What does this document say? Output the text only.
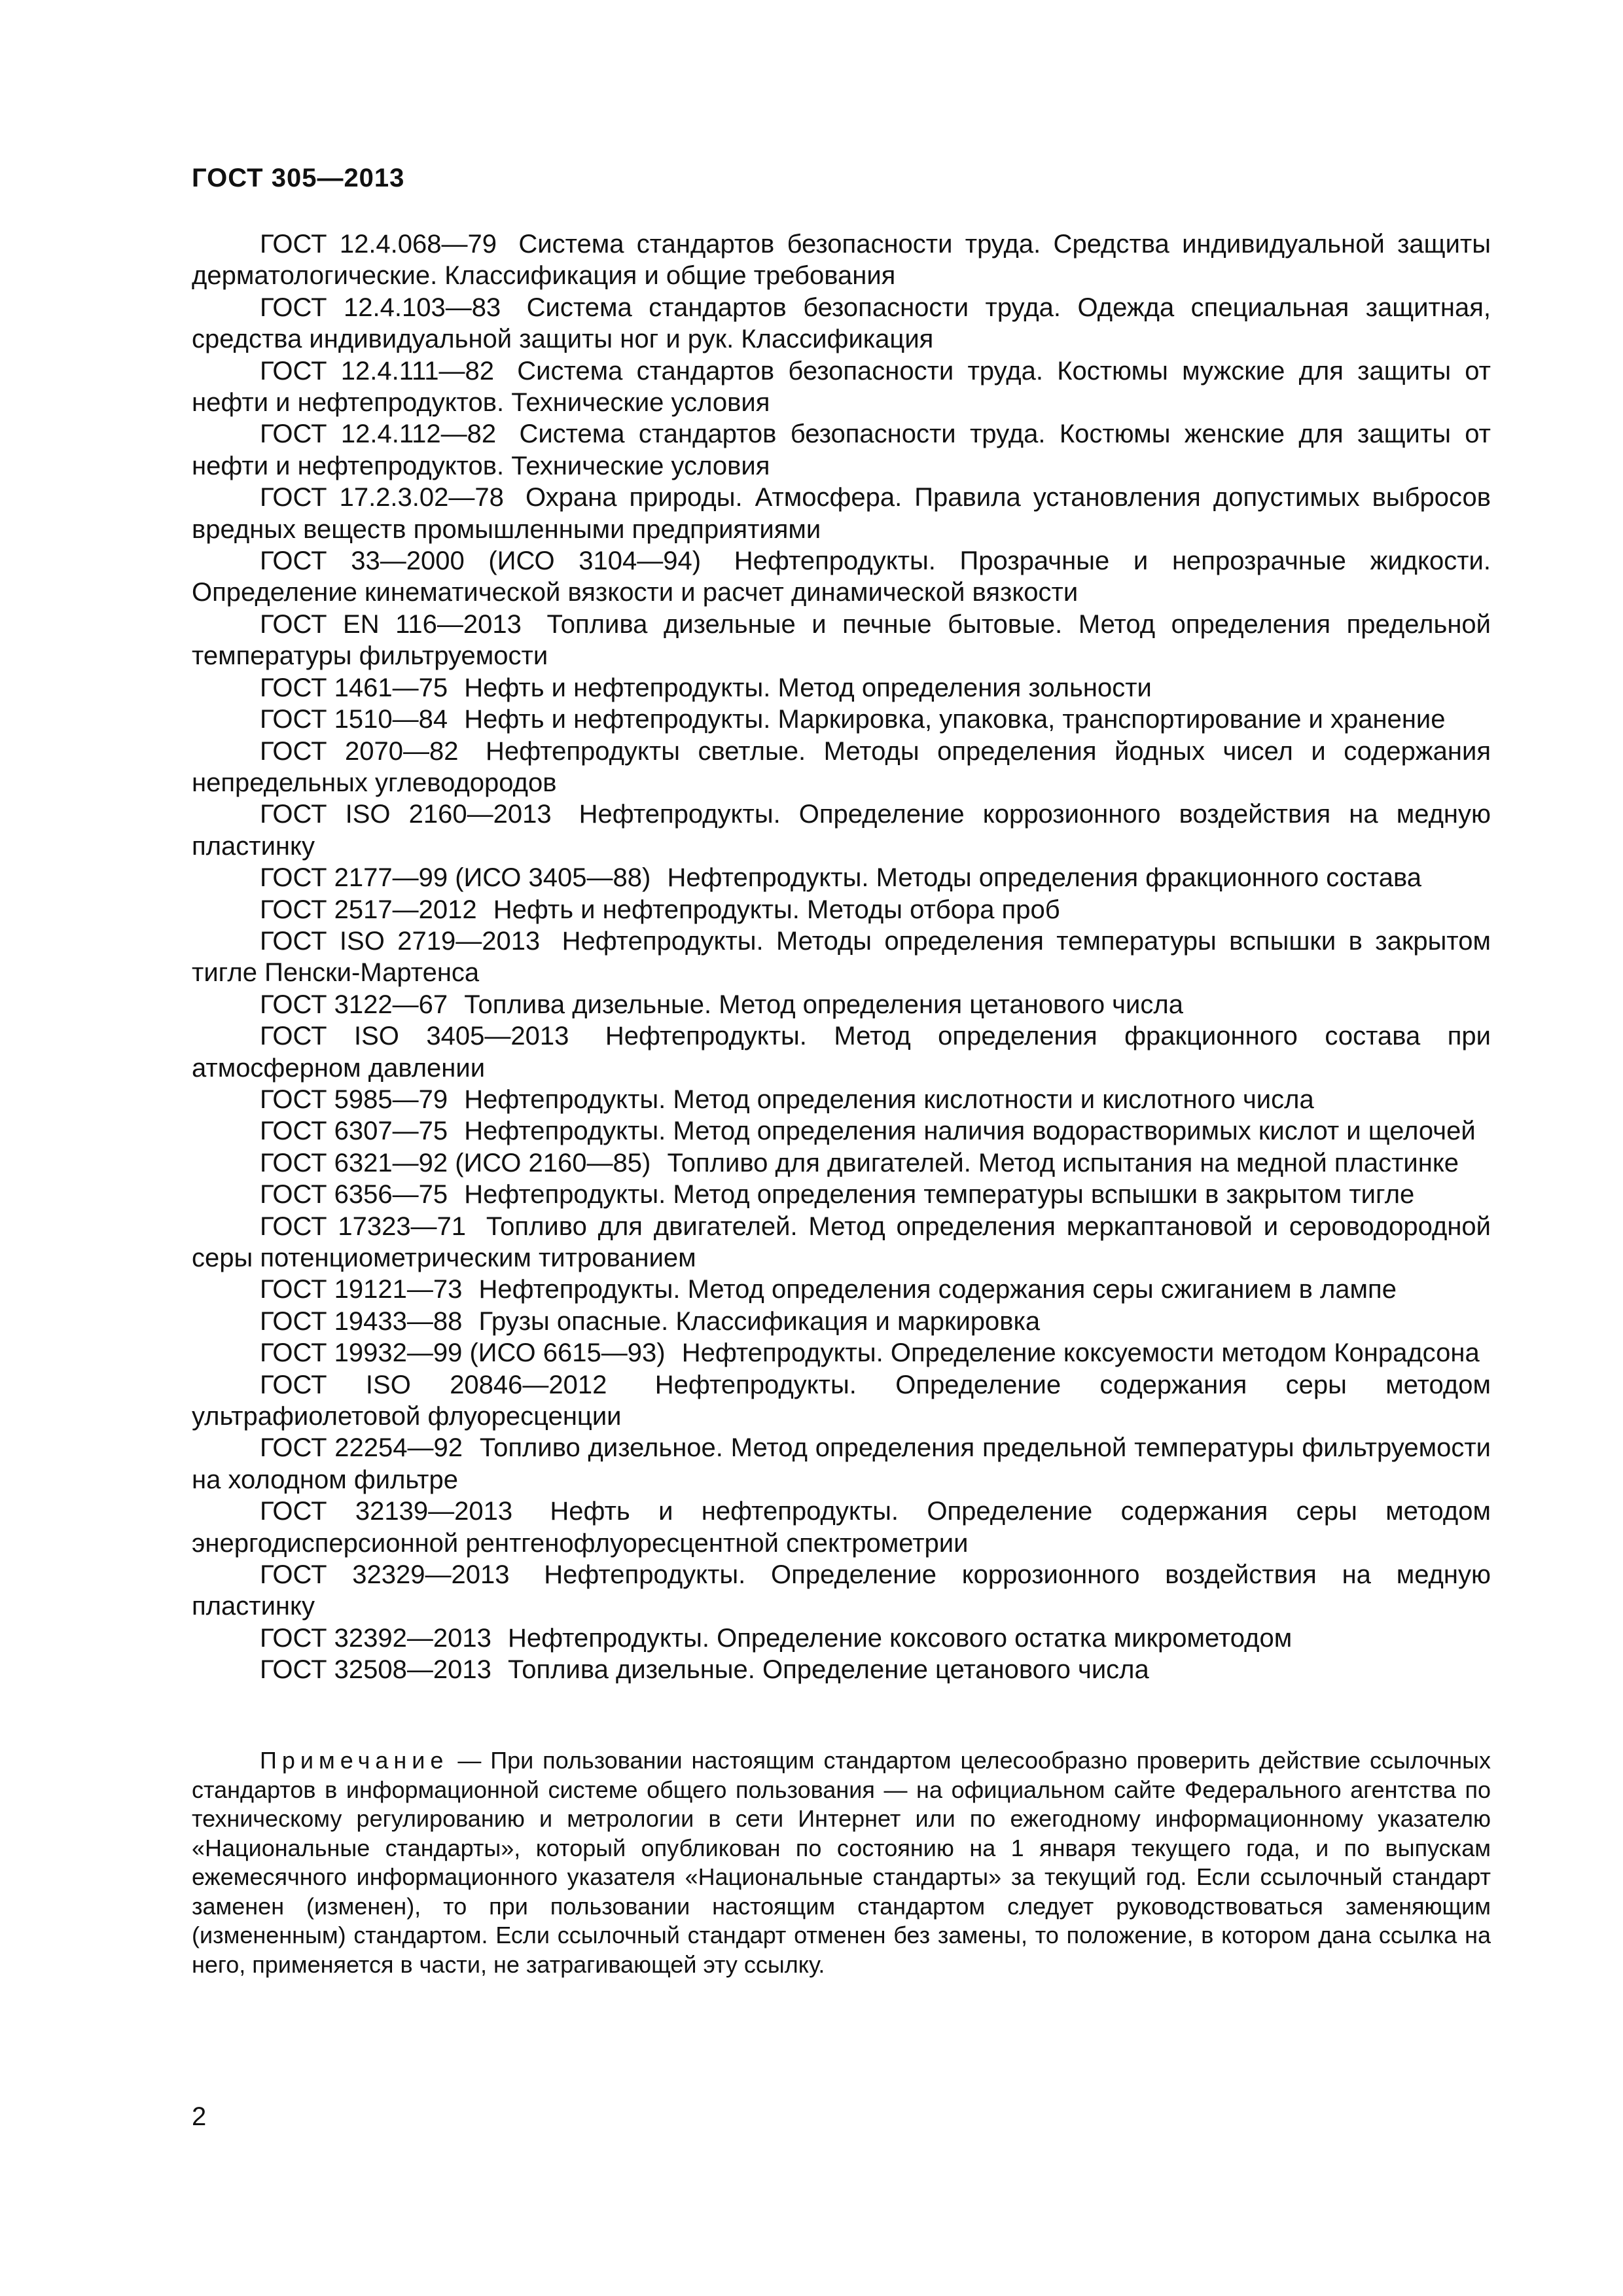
ГОСТ 305—2013

ГОСТ 12.4.068—79 Система стандартов безопасности труда. Средства индивидуальной защиты дерматологические. Классификация и общие требования

ГОСТ 12.4.103—83 Система стандартов безопасности труда. Одежда специальная защитная, средства индивидуальной защиты ног и рук. Классификация

ГОСТ 12.4.111—82 Система стандартов безопасности труда. Костюмы мужские для защиты от нефти и нефтепродуктов. Технические условия

ГОСТ 12.4.112—82 Система стандартов безопасности труда. Костюмы женские для защиты от нефти и нефтепродуктов. Технические условия

ГОСТ 17.2.3.02—78 Охрана природы. Атмосфера. Правила установления допустимых выбросов вредных веществ промышленными предприятиями

ГОСТ 33—2000 (ИСО 3104—94) Нефтепродукты. Прозрачные и непрозрачные жидкости. Определение кинематической вязкости и расчет динамической вязкости

ГОСТ EN 116—2013 Топлива дизельные и печные бытовые. Метод определения предельной температуры фильтруемости

ГОСТ 1461—75 Нефть и нефтепродукты. Метод определения зольности

ГОСТ 1510—84 Нефть и нефтепродукты. Маркировка, упаковка, транспортирование и хранение

ГОСТ 2070—82 Нефтепродукты светлые. Методы определения йодных чисел и содержания непредельных углеводородов

ГОСТ ISO 2160—2013 Нефтепродукты. Определение коррозионного воздействия на медную пластинку

ГОСТ 2177—99 (ИСО 3405—88) Нефтепродукты. Методы определения фракционного состава

ГОСТ 2517—2012 Нефть и нефтепродукты. Методы отбора проб

ГОСТ ISO 2719—2013 Нефтепродукты. Методы определения температуры вспышки в закрытом тигле Пенски-Мартенса

ГОСТ 3122—67 Топлива дизельные. Метод определения цетанового числа

ГОСТ ISO 3405—2013 Нефтепродукты. Метод определения фракционного состава при атмосферном давлении

ГОСТ 5985—79 Нефтепродукты. Метод определения кислотности и кислотного числа

ГОСТ 6307—75 Нефтепродукты. Метод определения наличия водорастворимых кислот и щелочей

ГОСТ 6321—92 (ИСО 2160—85) Топливо для двигателей. Метод испытания на медной пластинке

ГОСТ 6356—75 Нефтепродукты. Метод определения температуры вспышки в закрытом тигле

ГОСТ 17323—71 Топливо для двигателей. Метод определения меркаптановой и сероводородной серы потенциометрическим титрованием

ГОСТ 19121—73 Нефтепродукты. Метод определения содержания серы сжиганием в лампе

ГОСТ 19433—88 Грузы опасные. Классификация и маркировка

ГОСТ 19932—99 (ИСО 6615—93) Нефтепродукты. Определение коксуемости методом Конрадсона

ГОСТ ISO 20846—2012 Нефтепродукты. Определение содержания серы методом ультрафиолетовой флуоресценции

ГОСТ 22254—92 Топливо дизельное. Метод определения предельной температуры фильтруемости на холодном фильтре

ГОСТ 32139—2013 Нефть и нефтепродукты. Определение содержания серы методом энергодисперсионной рентгенофлуоресцентной спектрометрии

ГОСТ 32329—2013 Нефтепродукты. Определение коррозионного воздействия на медную пластинку

ГОСТ 32392—2013 Нефтепродукты. Определение коксового остатка микрометодом

ГОСТ 32508—2013 Топлива дизельные. Определение цетанового числа

Примечание — При пользовании настоящим стандартом целесообразно проверить действие ссылочных стандартов в информационной системе общего пользования — на официальном сайте Федерального агентства по техническому регулированию и метрологии в сети Интернет или по ежегодному информационному указателю «Национальные стандарты», который опубликован по состоянию на 1 января текущего года, и по выпускам ежемесячного информационного указателя «Национальные стандарты» за текущий год. Если ссылочный стандарт заменен (изменен), то при пользовании настоящим стандартом следует руководствоваться заменяющим (измененным) стандартом. Если ссылочный стандарт отменен без замены, то положение, в котором дана ссылка на него, применяется в части, не затрагивающей эту ссылку.

2
